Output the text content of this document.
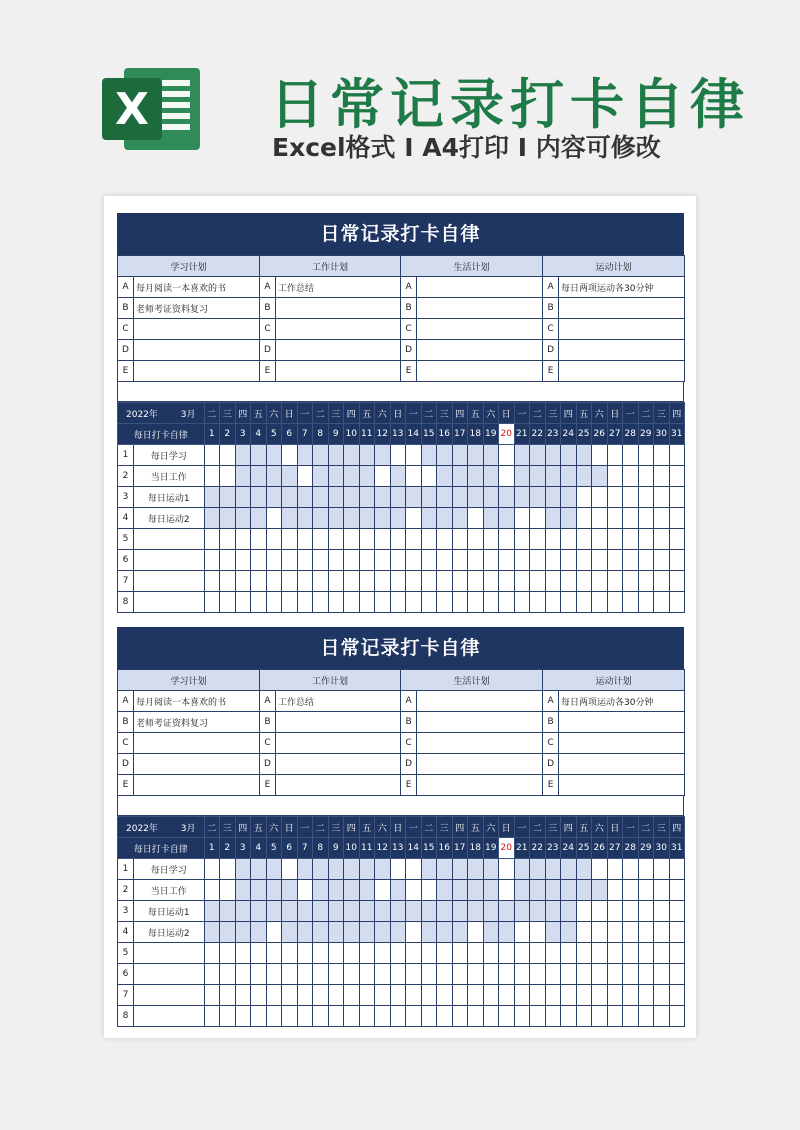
X 日常记录打卡自律
Excel格式 I A4打印 I 内容可修改
日常记录打卡自律
学习计划		工作计划		生活计划		运动计划	
A	每月阅读一本喜欢的书	A	工作总结	A		A	每日两项运动各30分钟
B	老师考证资料复习	B		B		B	
C		C		C		C	
D		D		D		D	
E		E		E		E	
2022年 3月		二	三	四	五	六	日	一	二	三	四	五	六	日	一	二	三	四	五	六	日	一	二	三	四	五	六	日	一	二	三	四
每日打卡自律		1	2	3	4	5	6	7	8	9	10	11	12	13	14	15	16	17	18	19	20	21	22	23	24	25	26	27	28	29	30	31
1	每日学习																															
2	当日工作																															
3	每日运动1																															
4	每日运动2																															
5																																
6																																
7																																
8																																
日常记录打卡自律
学习计划		工作计划		生活计划		运动计划	
A	每月阅读一本喜欢的书	A	工作总结	A		A	每日两项运动各30分钟
B	老师考证资料复习	B		B		B	
C		C		C		C	
D		D		D		D	
E		E		E		E	
2022年 3月		二	三	四	五	六	日	一	二	三	四	五	六	日	一	二	三	四	五	六	日	一	二	三	四	五	六	日	一	二	三	四
每日打卡自律		1	2	3	4	5	6	7	8	9	10	11	12	13	14	15	16	17	18	19	20	21	22	23	24	25	26	27	28	29	30	31
1	每日学习																															
2	当日工作																															
3	每日运动1																															
4	每日运动2																															
5																																
6																																
7																																
8																																
